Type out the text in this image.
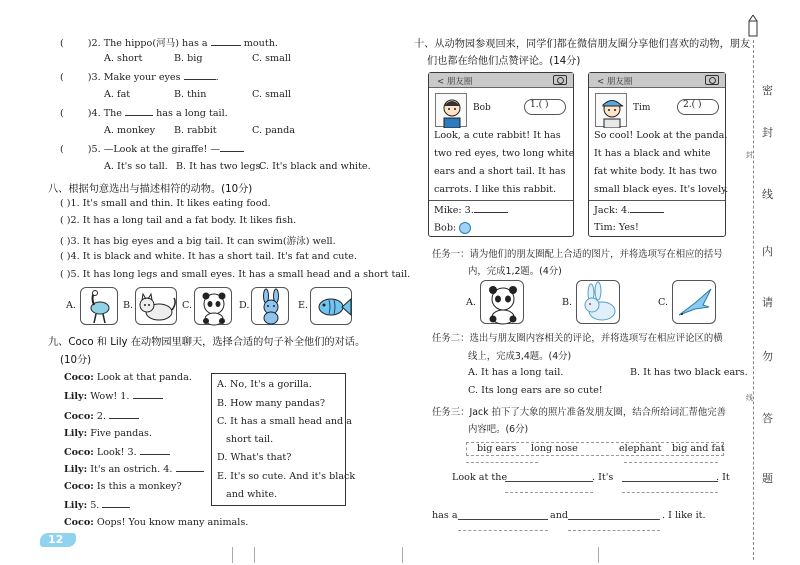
(	)2. The hippo(河马) has a	mouth.
A. short	B. big	C. small
(	)3. Make your eyes	.
A. fat	B. thin	C. small
(	)4. The	has a long tail.
A. monkey B. rabbit	C. panda
(	)5. —Look at the giraffe! —
A. It's so tall. B. It has two legs.
C. It's black and white.
八、根据句意选出与描述相符的动物。(10分)
( )1. It's small and thin. It likes eating food.
( )2. It has a long tail and a fat body. It likes fish.
( )3. It has big eyes and a big tail. It can swim(游泳) well.
( )4. It is black and white. It has a short tail. It's fat and cute.
( )5. It has long legs and small eyes. It has a small head and a short tail.
A.	B.	C.	D.	E.
九、Coco 和 Lily 在动物园里聊天，选择合适的句子补全他们的对话。
(10分)
Coco: Look at that panda.
Lily: Wow! 1.
Coco: 2.
Lily: Five pandas.
Coco: Look! 3.
Lily: It's an ostrich. 4.
Coco: Is this a monkey?
Lily: 5.
Coco: Oops! You know many animals.
A. No, It's a gorilla.
B. How many pandas?
C. It has a small head and a
short tail.
D. What's that?
E. It's so cute. And it's black
and white.
12
十、从动物园参观回来，同学们都在微信朋友圈分享他们喜欢的动物，朋友
们也都在给他们点赞评论。(14分)
< 朋友圈
Bob	1.( )
Look, a cute rabbit! It has
two red eyes, two long white
ears and a short tail. It has
carrots. I like this rabbit.
Mike: 3.
Bob:
< 朋友圈
Tim	2.( )
So cool! Look at the panda.
It has a black and white
fat white body. It has two
small black eyes. It's lovely.
Jack: 4.
Tim: Yes!
任务一：请为他们的朋友圈配上合适的图片，并将选项写在相应的括号
内，完成1,2题。(4分)
A.	B.	C.
任务二：选出与朋友圈内容相关的评论，并将选项写在相应评论区的横
线上，完成3,4题。(4分)
A. It has a long tail.	B. It has two black ears.
C. Its long ears are so cute!
任务三：Jack 拍下了大象的照片准备发朋友圈，结合所给词汇帮他完善
内容吧。(6分)
big ears long nose	elephant big and fat
Look at the	. It's	. It
has a	and	. I like it.
密
封
线
内
请
勿
答
题
封
线
